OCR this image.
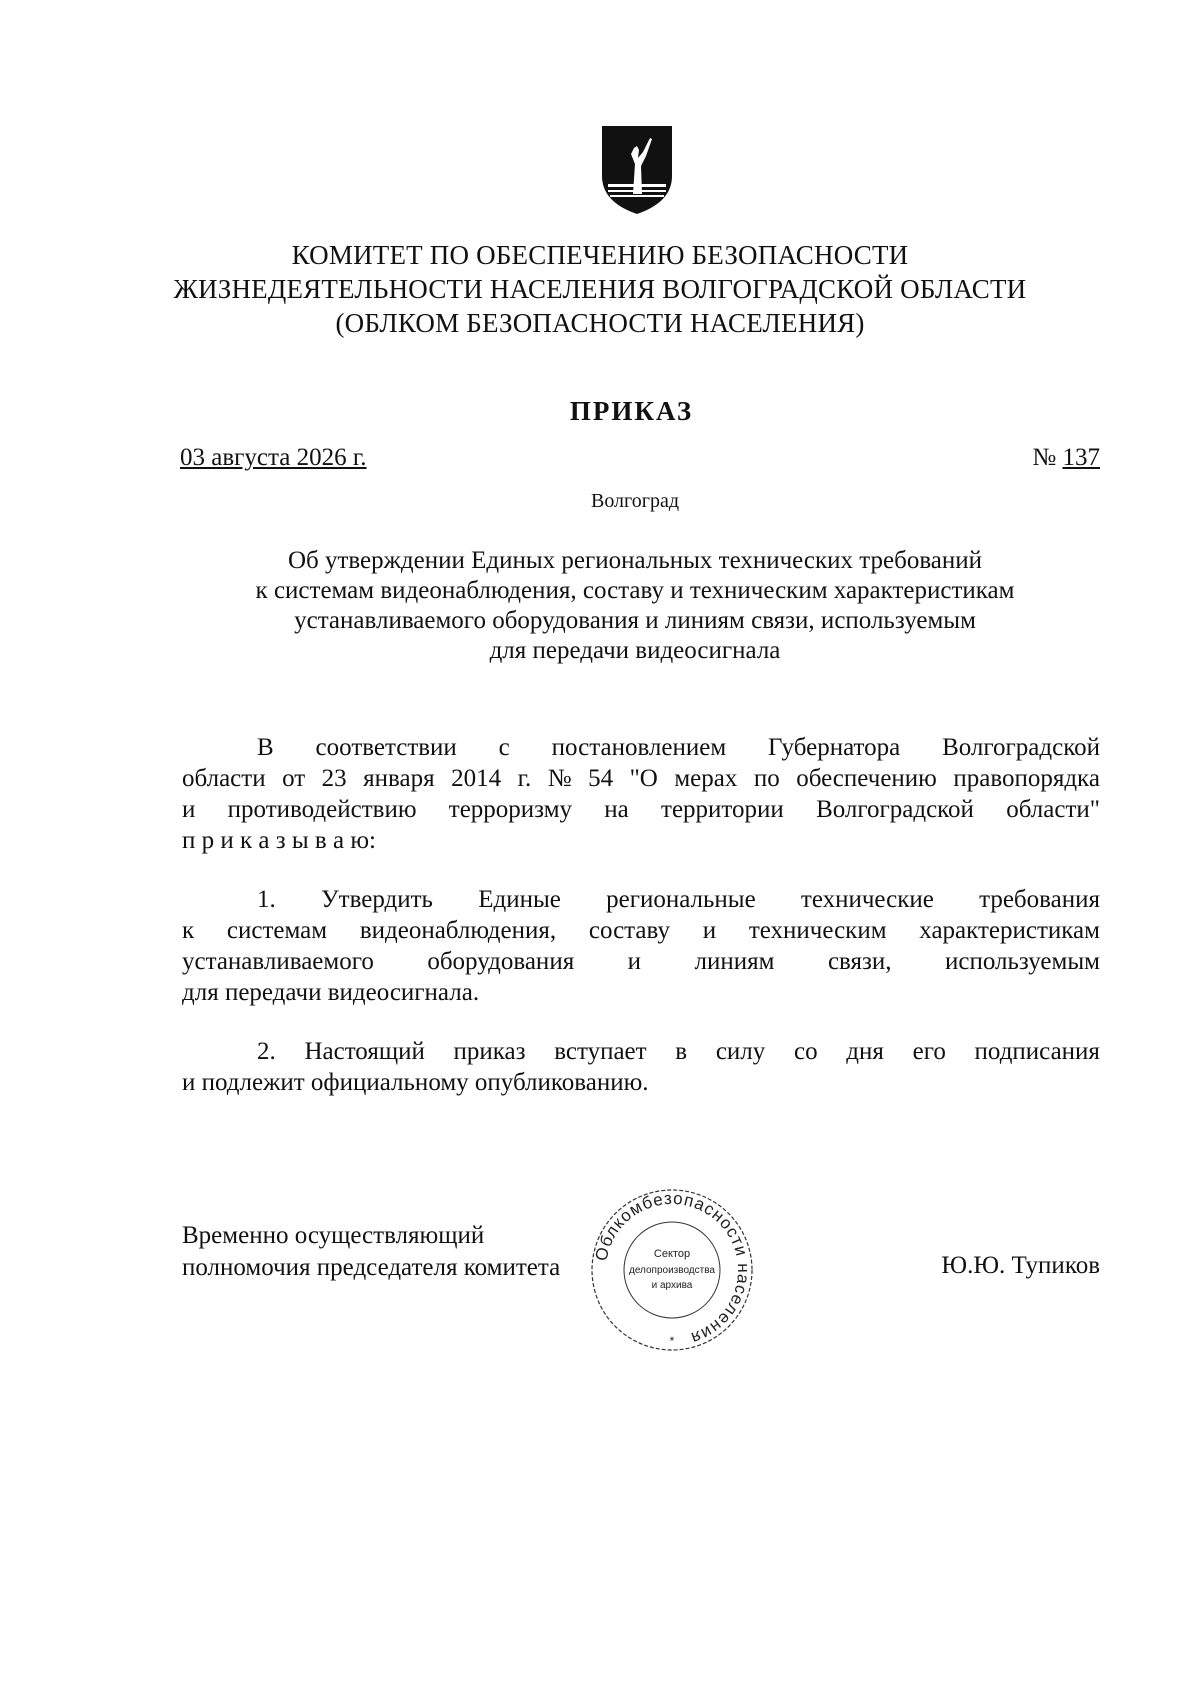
КОМИТЕТ ПО ОБЕСПЕЧЕНИЮ БЕЗОПАСНОСТИ
ЖИЗНЕДЕЯТЕЛЬНОСТИ НАСЕЛЕНИЯ ВОЛГОГРАДСКОЙ ОБЛАСТИ
(ОБЛКОМ БЕЗОПАСНОСТИ НАСЕЛЕНИЯ)
ПРИКАЗ
03 августа 2026 г.	№ 137
Волгоград
Об утверждении Единых региональных технических требований
к системам видеонаблюдения, составу и техническим характеристикам
устанавливаемого оборудования и линиям связи, используемым
для передачи видеосигнала
В соответствии с постановлением Губернатора Волгоградской
области от 23 января 2014 г. № 54 "О мерах по обеспечению правопорядка
и противодействию терроризму на территории Волгоградской области"
п р и к а з ы в а ю:
1. Утвердить Единые региональные технические требования
к системам видеонаблюдения, составу и техническим характеристикам
устанавливаемого оборудования и линиям связи, используемым
для передачи видеосигнала.
2. Настоящий приказ вступает в силу со дня его подписания
и подлежит официальному опубликованию.
Временно осуществляющий
полномочия председателя комитета	Ю.Ю. Тупиков
Облкомбезопасности населения
Сектор
делопроизводства
и архива
*
